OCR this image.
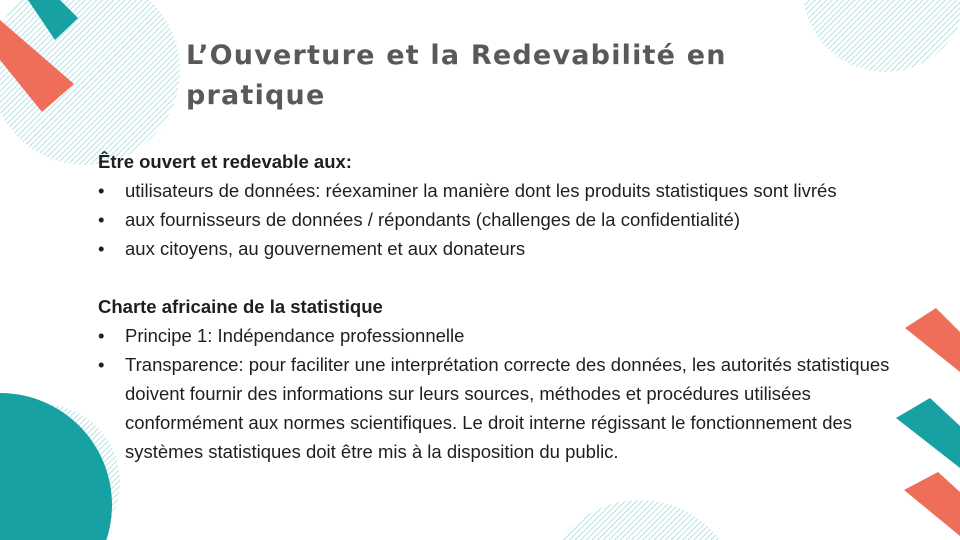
L’Ouverture et la Redevabilité en
pratique

Être ouvert et redevable aux:

• utilisateurs de données: réexaminer la manière dont les produits statistiques sont livrés
• aux fournisseurs de données / répondants (challenges de la confidentialité)
• aux citoyens, au gouvernement et aux donateurs

Charte africaine de la statistique

• Principe 1: Indépendance professionnelle
• Transparence: pour faciliter une interprétation correcte des données, les autorités statistiques doivent fournir des informations sur leurs sources, méthodes et procédures utilisées conformément aux normes scientifiques. Le droit interne régissant le fonctionnement des systèmes statistiques doit être mis à la disposition du public.
